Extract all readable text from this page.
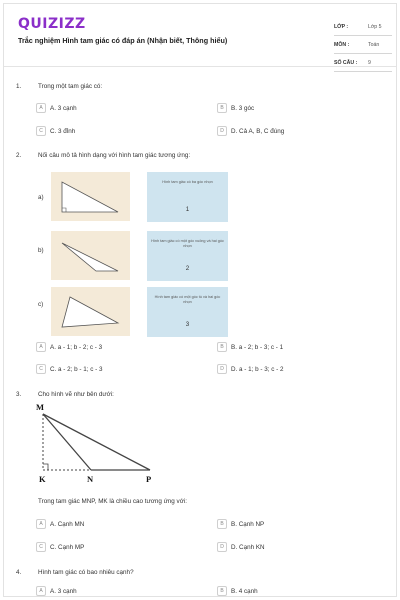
QUIZIZZ
Trắc nghiệm Hình tam giác có đáp án (Nhận biết, Thông hiểu)
LỚP :	Lớp 5
MÔN :	Toán
SỐ CÂU :	9
1.	Trong một tam giác có:
A	A. 3 cạnh	B	B. 3 góc
C	C. 3 đỉnh	D	D. Cả A, B, C đúng
2.	Nối câu mô tả hình dạng với hình tam giác tương ứng:
a)
Hình tam giác có ba góc nhọn
1
b)
Hình tam giác có một góc vuông và hai góc nhọn
2
c)
Hình tam giác có một góc tù và hai góc nhọn
3
A	A. a - 1; b - 2; c - 3	B	B. a - 2; b - 3; c - 1
C	C. a - 2; b - 1; c - 3	D	D. a - 1; b - 3; c - 2
3.	Cho hình vẽ như bên dưới:
M
K	N	P
Trong tam giác MNP, MK là chiều cao tương ứng với:
A	A. Cạnh MN	B	B. Cạnh NP
C	C. Cạnh MP	D	D. Cạnh KN
4.	Hình tam giác có bao nhiêu cạnh?
A	A. 3 cạnh	B	B. 4 cạnh
